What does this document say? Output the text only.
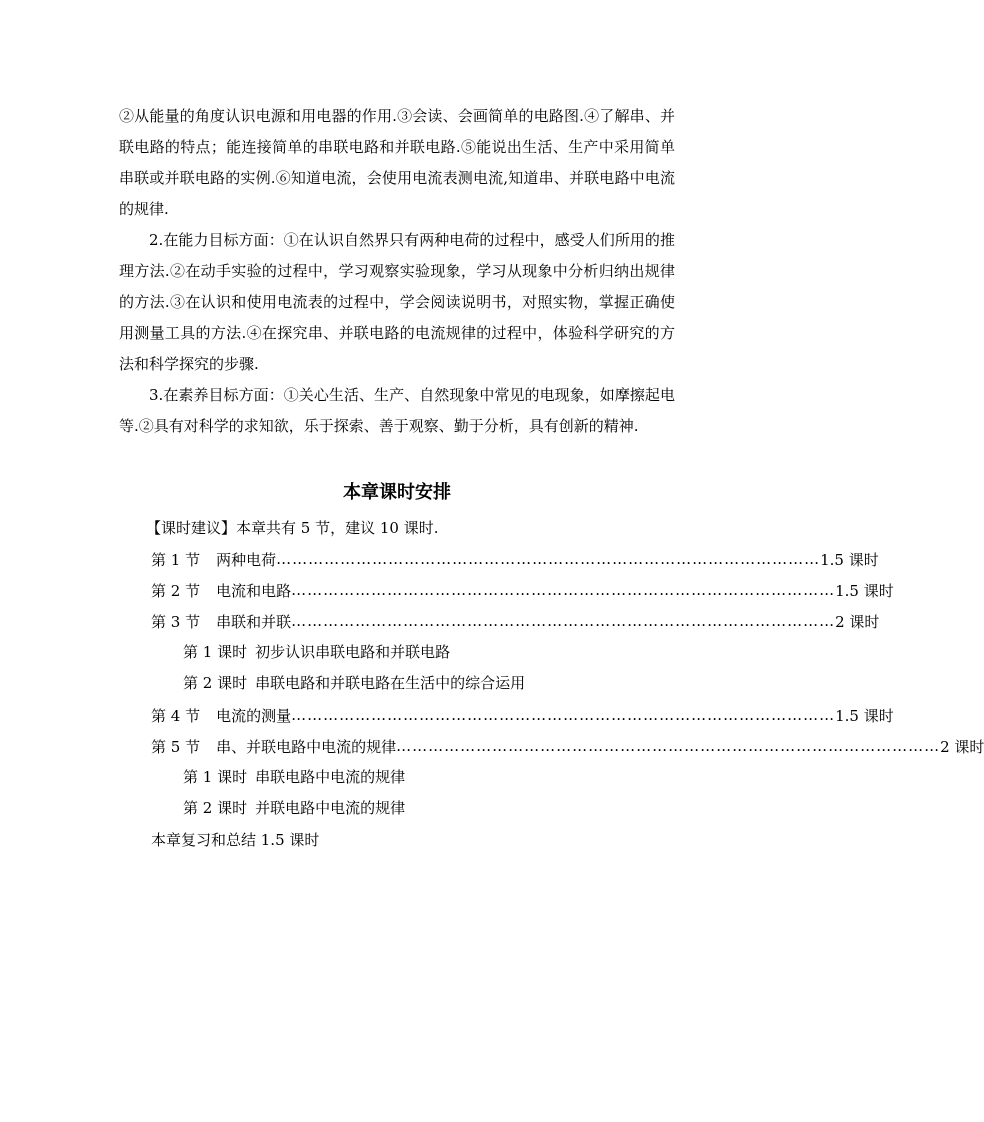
②从能量的角度认识电源和用电器的作用.③会读、会画简单的电路图.④了解串、并联电路的特点；能连接简单的串联电路和并联电路.⑤能说出生活、生产中采用简单串联或并联电路的实例.⑥知道电流，会使用电流表测电流,知道串、并联电路中电流的规律.

2.在能力目标方面：①在认识自然界只有两种电荷的过程中，感受人们所用的推理方法.②在动手实验的过程中，学习观察实验现象，学习从现象中分析归纳出规律的方法.③在认识和使用电流表的过程中，学会阅读说明书，对照实物，掌握正确使用测量工具的方法.④在探究串、并联电路的电流规律的过程中，体验科学研究的方法和科学探究的步骤.

3.在素养目标方面：①关心生活、生产、自然现象中常见的电现象，如摩擦起电等.②具有对科学的求知欲，乐于探索、善于观察、勤于分析，具有创新的精神.

本章课时安排
【课时建议】本章共有 5 节，建议 10 课时.
第 1 节 两种电荷 ………………………………………………………………………………………… 1.5 课时
第 2 节 电流和电路 ………………………………………………………………………………………… 1.5 课时
第 3 节 串联和并联 ………………………………………………………………………………………… 2 课时
第 1 课时 初步认识串联电路和并联电路
第 2 课时 串联电路和并联电路在生活中的综合运用
第 4 节 电流的测量 ………………………………………………………………………………………… 1.5 课时
第 5 节 串、并联电路中电流的规律 ………………………………………………………………………………………… 2 课时
第 1 课时 串联电路中电流的规律
第 2 课时 并联电路中电流的规律
本章复习和总结 1.5 课时
